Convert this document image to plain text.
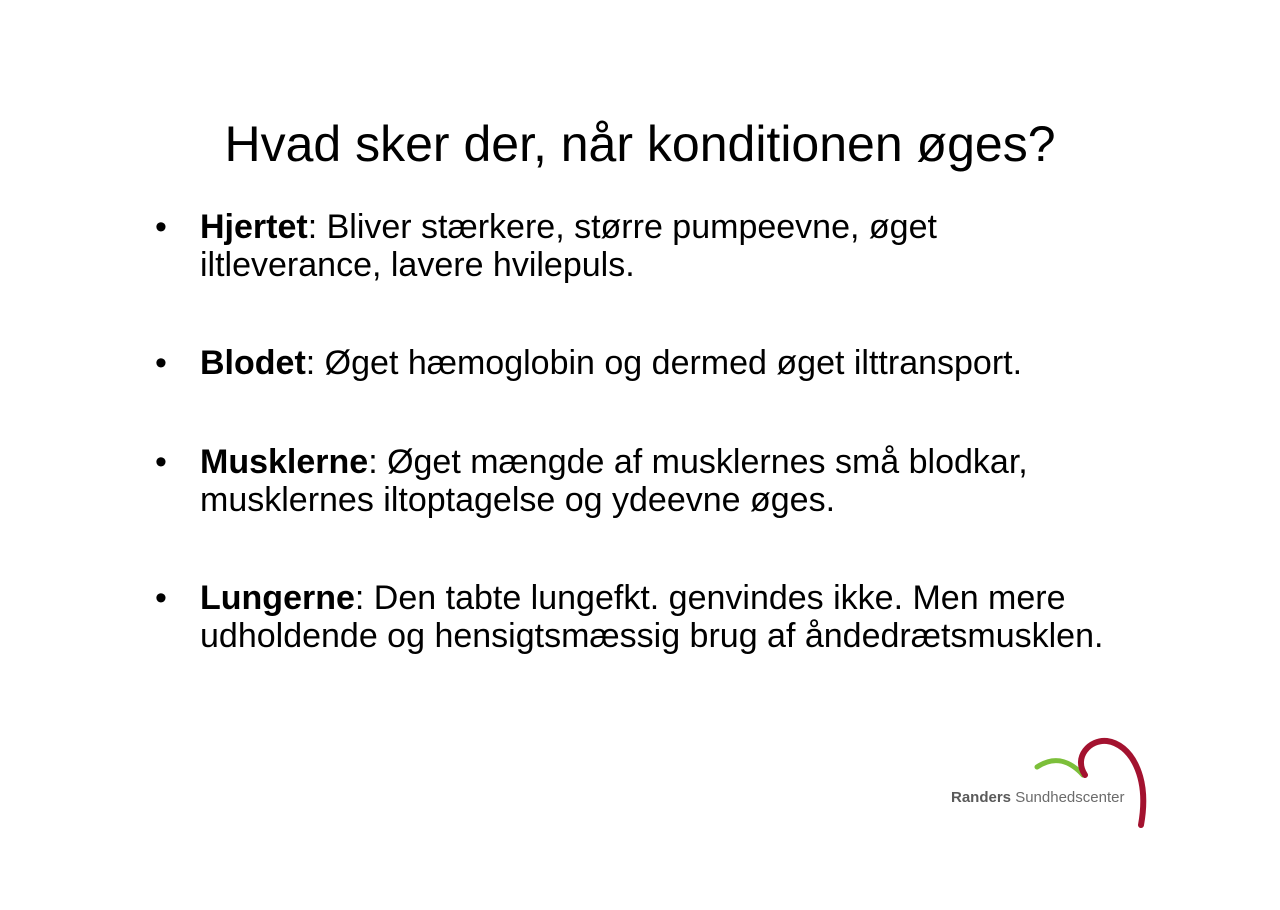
Hvad sker der, når konditionen øges?
• Hjertet: Bliver stærkere, større pumpeevne, øget iltleverance, lavere hvilepuls.
• Blodet: Øget hæmoglobin og dermed øget ilttransport.
• Musklerne: Øget mængde af musklernes små blodkar, musklernes iltoptagelse og ydeevne øges.
• Lungerne: Den tabte lungefkt. genvindes ikke. Men mere udholdende og hensigtsmæssig brug af åndedrætsmusklen.
Randers Sundhedscenter
